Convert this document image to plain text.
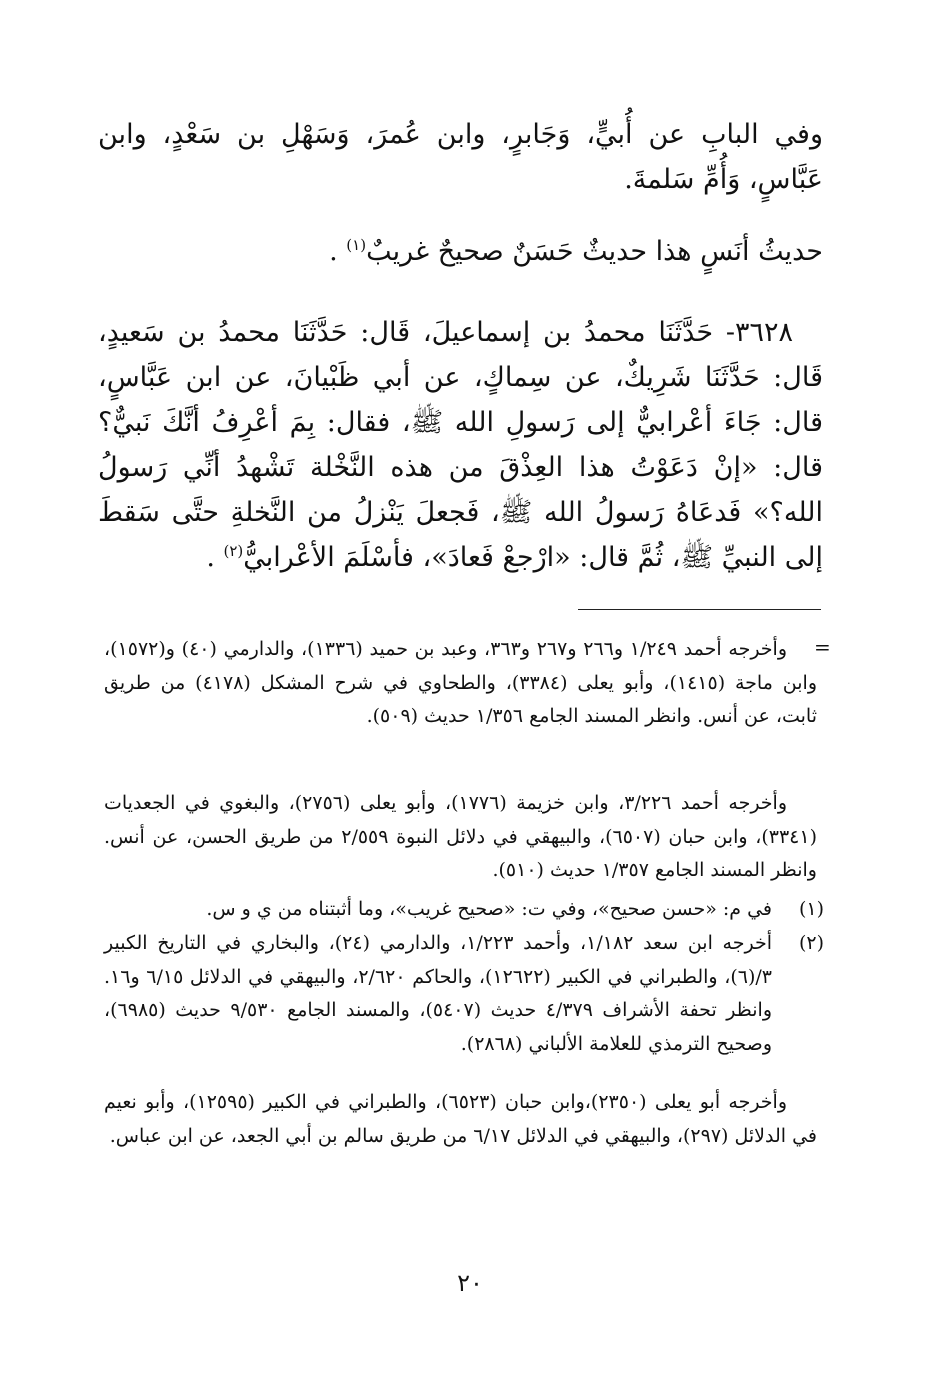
وفي البابِ عن أُبيٍّ، وَجَابرٍ، وابن عُمرَ، وَسَهْلِ بن سَعْدٍ، وابن عَبَّاسٍ، وَأُمِّ سَلمةَ.
حديثُ أنَسٍ هذا حديثٌ حَسَنٌ صحيحٌ غريبٌ$^{(١)}$ .
٣٦٢٨- حَدَّثَنَا محمدُ بن إسماعيلَ، قَال: حَدَّثَنَا محمدُ بن سَعيدٍ، قَال: حَدَّثَنَا شَرِيكٌ، عن سِماكٍ، عن أبي ظَبْيانَ، عن ابن عَبَّاسٍ، قال: جَاءَ أعْرابيٌّ إلى رَسولِ الله ﷺ، فقال: بِمَ أعْرِفُ أنَّكَ نَبيٌّ؟ قال: «إنْ دَعَوْتُ هذا العِذْقَ من هذه النَّخْلة تَشْهدُ أنِّي رَسولُ الله؟» فَدعَاهُ رَسولُ الله ﷺ، فَجعلَ يَنْزلُ من النَّخلةِ حتَّى سَقطَ إلى النبيِّ ﷺ، ثُمَّ قال: «ارْجعْ فَعادَ»، فأسْلَمَ الأعْرابيُّ$^{(٢)}$ .
=
وأخرجه أحمد ١/٢٤٩ و٢٦٦ و٢٦٧ و٣٦٣، وعبد بن حميد (١٣٣٦)، والدارمي (٤٠) و(١٥٧٢)، وابن ماجة (١٤١٥)، وأبو يعلى (٣٣٨٤)، والطحاوي في شرح المشكل (٤١٧٨) من طريق ثابت، عن أنس. وانظر المسند الجامع ١/٣٥٦ حديث (٥٠٩).
وأخرجه أحمد ٣/٢٢٦، وابن خزيمة (١٧٧٦)، وأبو يعلى (٢٧٥٦)، والبغوي في الجعديات (٣٣٤١)، وابن حبان (٦٥٠٧)، والبيهقي في دلائل النبوة ٢/٥٥٩ من طريق الحسن، عن أنس. وانظر المسند الجامع ١/٣٥٧ حديث (٥١٠).
(١)
في م: «حسن صحيح»، وفي ت: «صحيح غريب»، وما أثبتناه من ي و س.
(٢)
أخرجه ابن سعد ١/١٨٢، وأحمد ١/٢٢٣، والدارمي (٢٤)، والبخاري في التاريخ الكبير ٣/(٦)، والطبراني في الكبير (١٢٦٢٢)، والحاكم ٢/٦٢٠، والبيهقي في الدلائل ٦/١٥ و١٦. وانظر تحفة الأشراف ٤/٣٧٩ حديث (٥٤٠٧)، والمسند الجامع ٩/٥٣٠ حديث (٦٩٨٥)، وصحيح الترمذي للعلامة الألباني (٢٨٦٨).
وأخرجه أبو يعلى (٢٣٥٠)،وابن حبان (٦٥٢٣)، والطبراني في الكبير (١٢٥٩٥)، وأبو نعيم في الدلائل (٢٩٧)، والبيهقي في الدلائل ٦/١٧ من طريق سالم بن أبي الجعد، عن ابن عباس.
٢٠
